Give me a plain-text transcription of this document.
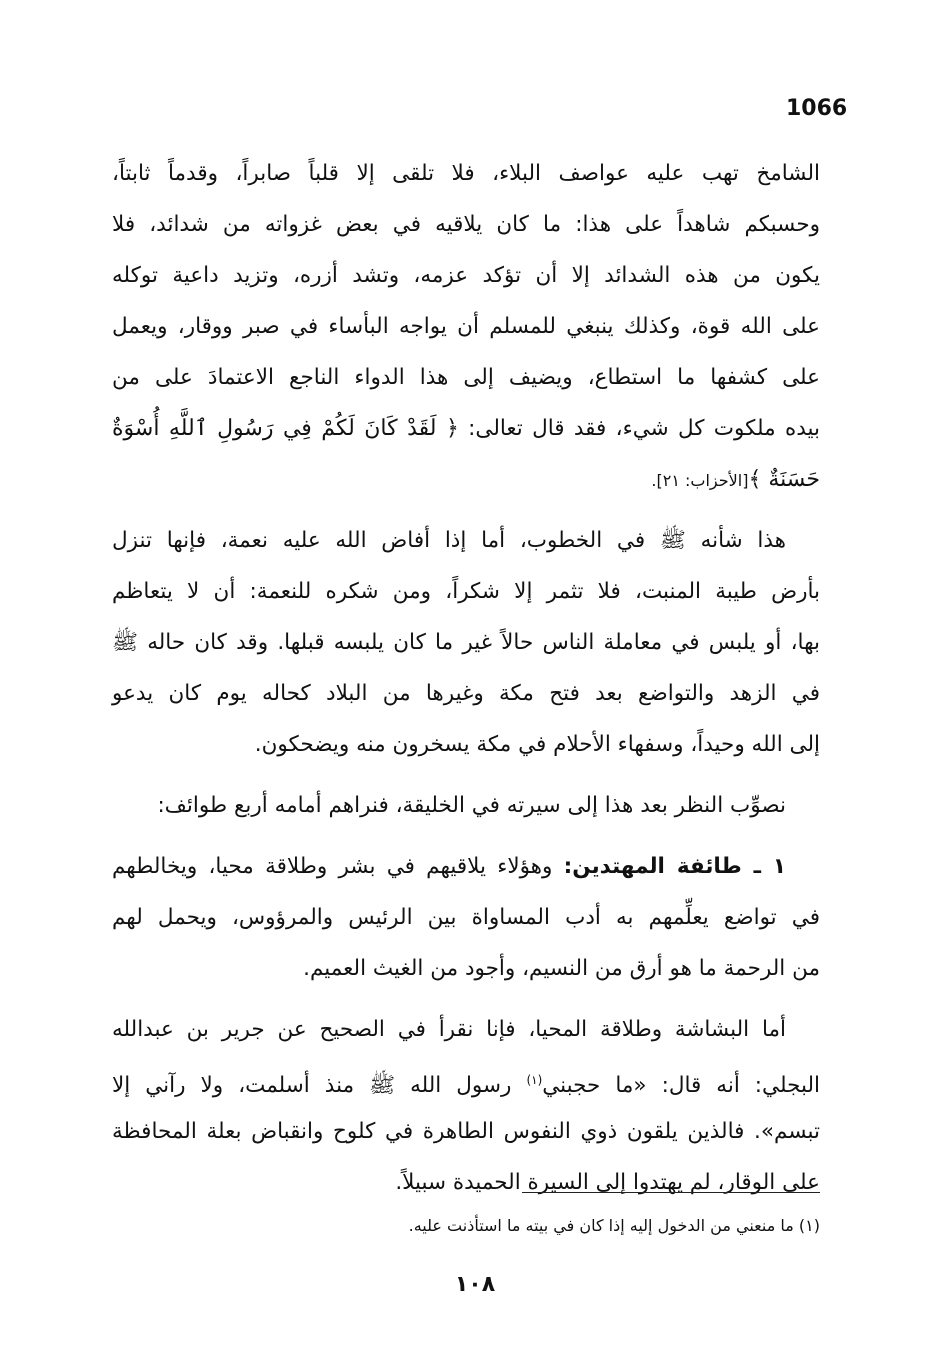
1066
الشامخ تهب عليه عواصف البلاء، فلا تلقى إلا قلباً صابراً، وقدماً ثابتاً،
وحسبكم شاهداً على هذا: ما كان يلاقيه في بعض غزواته من شدائد، فلا
يكون من هذه الشدائد إلا أن تؤكد عزمه، وتشد أزره، وتزيد داعية توكله
على الله قوة، وكذلك ينبغي للمسلم أن يواجه البأساء في صبر ووقار، ويعمل
على كشفها ما استطاع، ويضيف إلى هذا الدواء الناجع الاعتمادَ على من
بيده ملكوت كل شيء، فقد قال تعالى: ﴿ لَقَدْ كَانَ لَكُمْ فِي رَسُولِ ٱللَّهِ أُسْوَةٌ
حَسَنَةٌ ﴾[الأحزاب: ٢١].
هذا شأنه ﷺ في الخطوب، أما إذا أفاض الله عليه نعمة، فإنها تنزل
بأرض طيبة المنبت، فلا تثمر إلا شكراً، ومن شكره للنعمة: أن لا يتعاظم
بها، أو يلبس في معاملة الناس حالاً غير ما كان يلبسه قبلها. وقد كان حاله ﷺ
في الزهد والتواضع بعد فتح مكة وغيرها من البلاد كحاله يوم كان يدعو
إلى الله وحيداً، وسفهاء الأحلام في مكة يسخرون منه ويضحكون.
نصوِّب النظر بعد هذا إلى سيرته في الخليقة، فنراهم أمامه أربع طوائف:
١ ـ طائفة المهتدين: وهؤلاء يلاقيهم في بشر وطلاقة محيا، ويخالطهم
في تواضع يعلِّمهم به أدب المساواة بين الرئيس والمرؤوس، ويحمل لهم
من الرحمة ما هو أرق من النسيم، وأجود من الغيث العميم.
أما البشاشة وطلاقة المحيا، فإنا نقرأ في الصحيح عن جرير بن عبدالله
البجلي: أنه قال: «ما حجبني$^{(١)}$ رسول الله ﷺ منذ أسلمت، ولا رآني إلا
تبسم». فالذين يلقون ذوي النفوس الطاهرة في كلوح وانقباض بعلة المحافظة
على الوقار، لم يهتدوا إلى السيرة الحميدة سبيلاً.
(١) ما منعني من الدخول إليه إذا كان في بيته ما استأذنت عليه.
١٠٨
